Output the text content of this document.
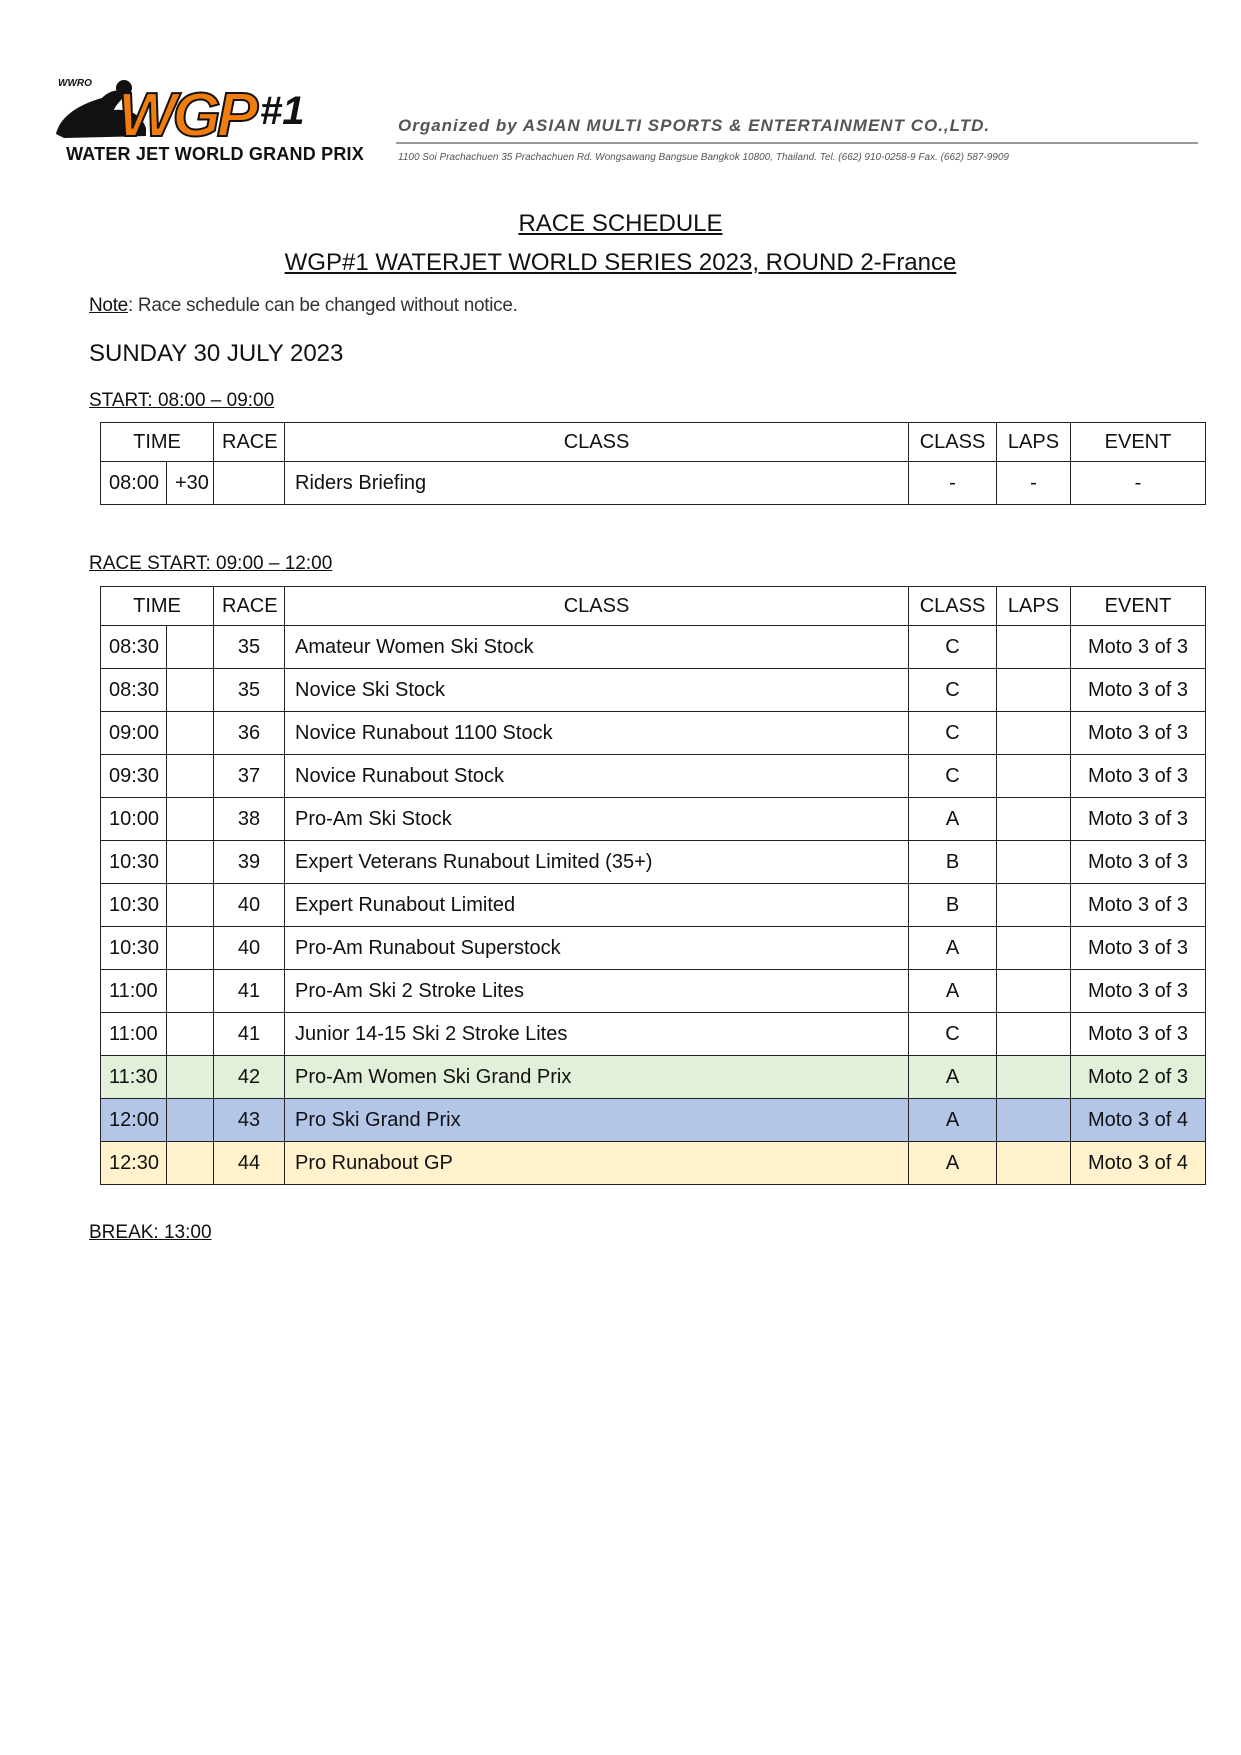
WGP #1
WWRO
WATER JET WORLD GRAND PRIX
Organized by ASIAN MULTI SPORTS & ENTERTAINMENT CO.,LTD.
1100 Soi Prachachuen 35 Prachachuen Rd. Wongsawang Bangsue Bangkok 10800, Thailand. Tel. (662) 910-0258-9 Fax. (662) 587-9909
RACE SCHEDULE
WGP#1 WATERJET WORLD SERIES 2023, ROUND 2-France
Note: Race schedule can be changed without notice.
SUNDAY 30 JULY 2023
START: 08:00 – 09:00
TIME		RACE	CLASS	CLASS	LAPS	EVENT
08:00	+30		Riders Briefing	-	-	-
RACE START: 09:00 – 12:00
TIME		RACE	CLASS	CLASS	LAPS	EVENT
08:30		35	Amateur Women Ski Stock	C		Moto 3 of 3
08:30		35	Novice Ski Stock	C		Moto 3 of 3
09:00		36	Novice Runabout 1100 Stock	C		Moto 3 of 3
09:30		37	Novice Runabout Stock	C		Moto 3 of 3
10:00		38	Pro-Am Ski Stock	A		Moto 3 of 3
10:30		39	Expert Veterans Runabout Limited (35+)	B		Moto 3 of 3
10:30		40	Expert Runabout Limited	B		Moto 3 of 3
10:30		40	Pro-Am Runabout Superstock	A		Moto 3 of 3
11:00		41	Pro-Am Ski 2 Stroke Lites	A		Moto 3 of 3
11:00		41	Junior 14-15 Ski 2 Stroke Lites	C		Moto 3 of 3
11:30		42	Pro-Am Women Ski Grand Prix	A		Moto 2 of 3
12:00		43	Pro Ski Grand Prix	A		Moto 3 of 4
12:30		44	Pro Runabout GP	A		Moto 3 of 4
BREAK: 13:00
